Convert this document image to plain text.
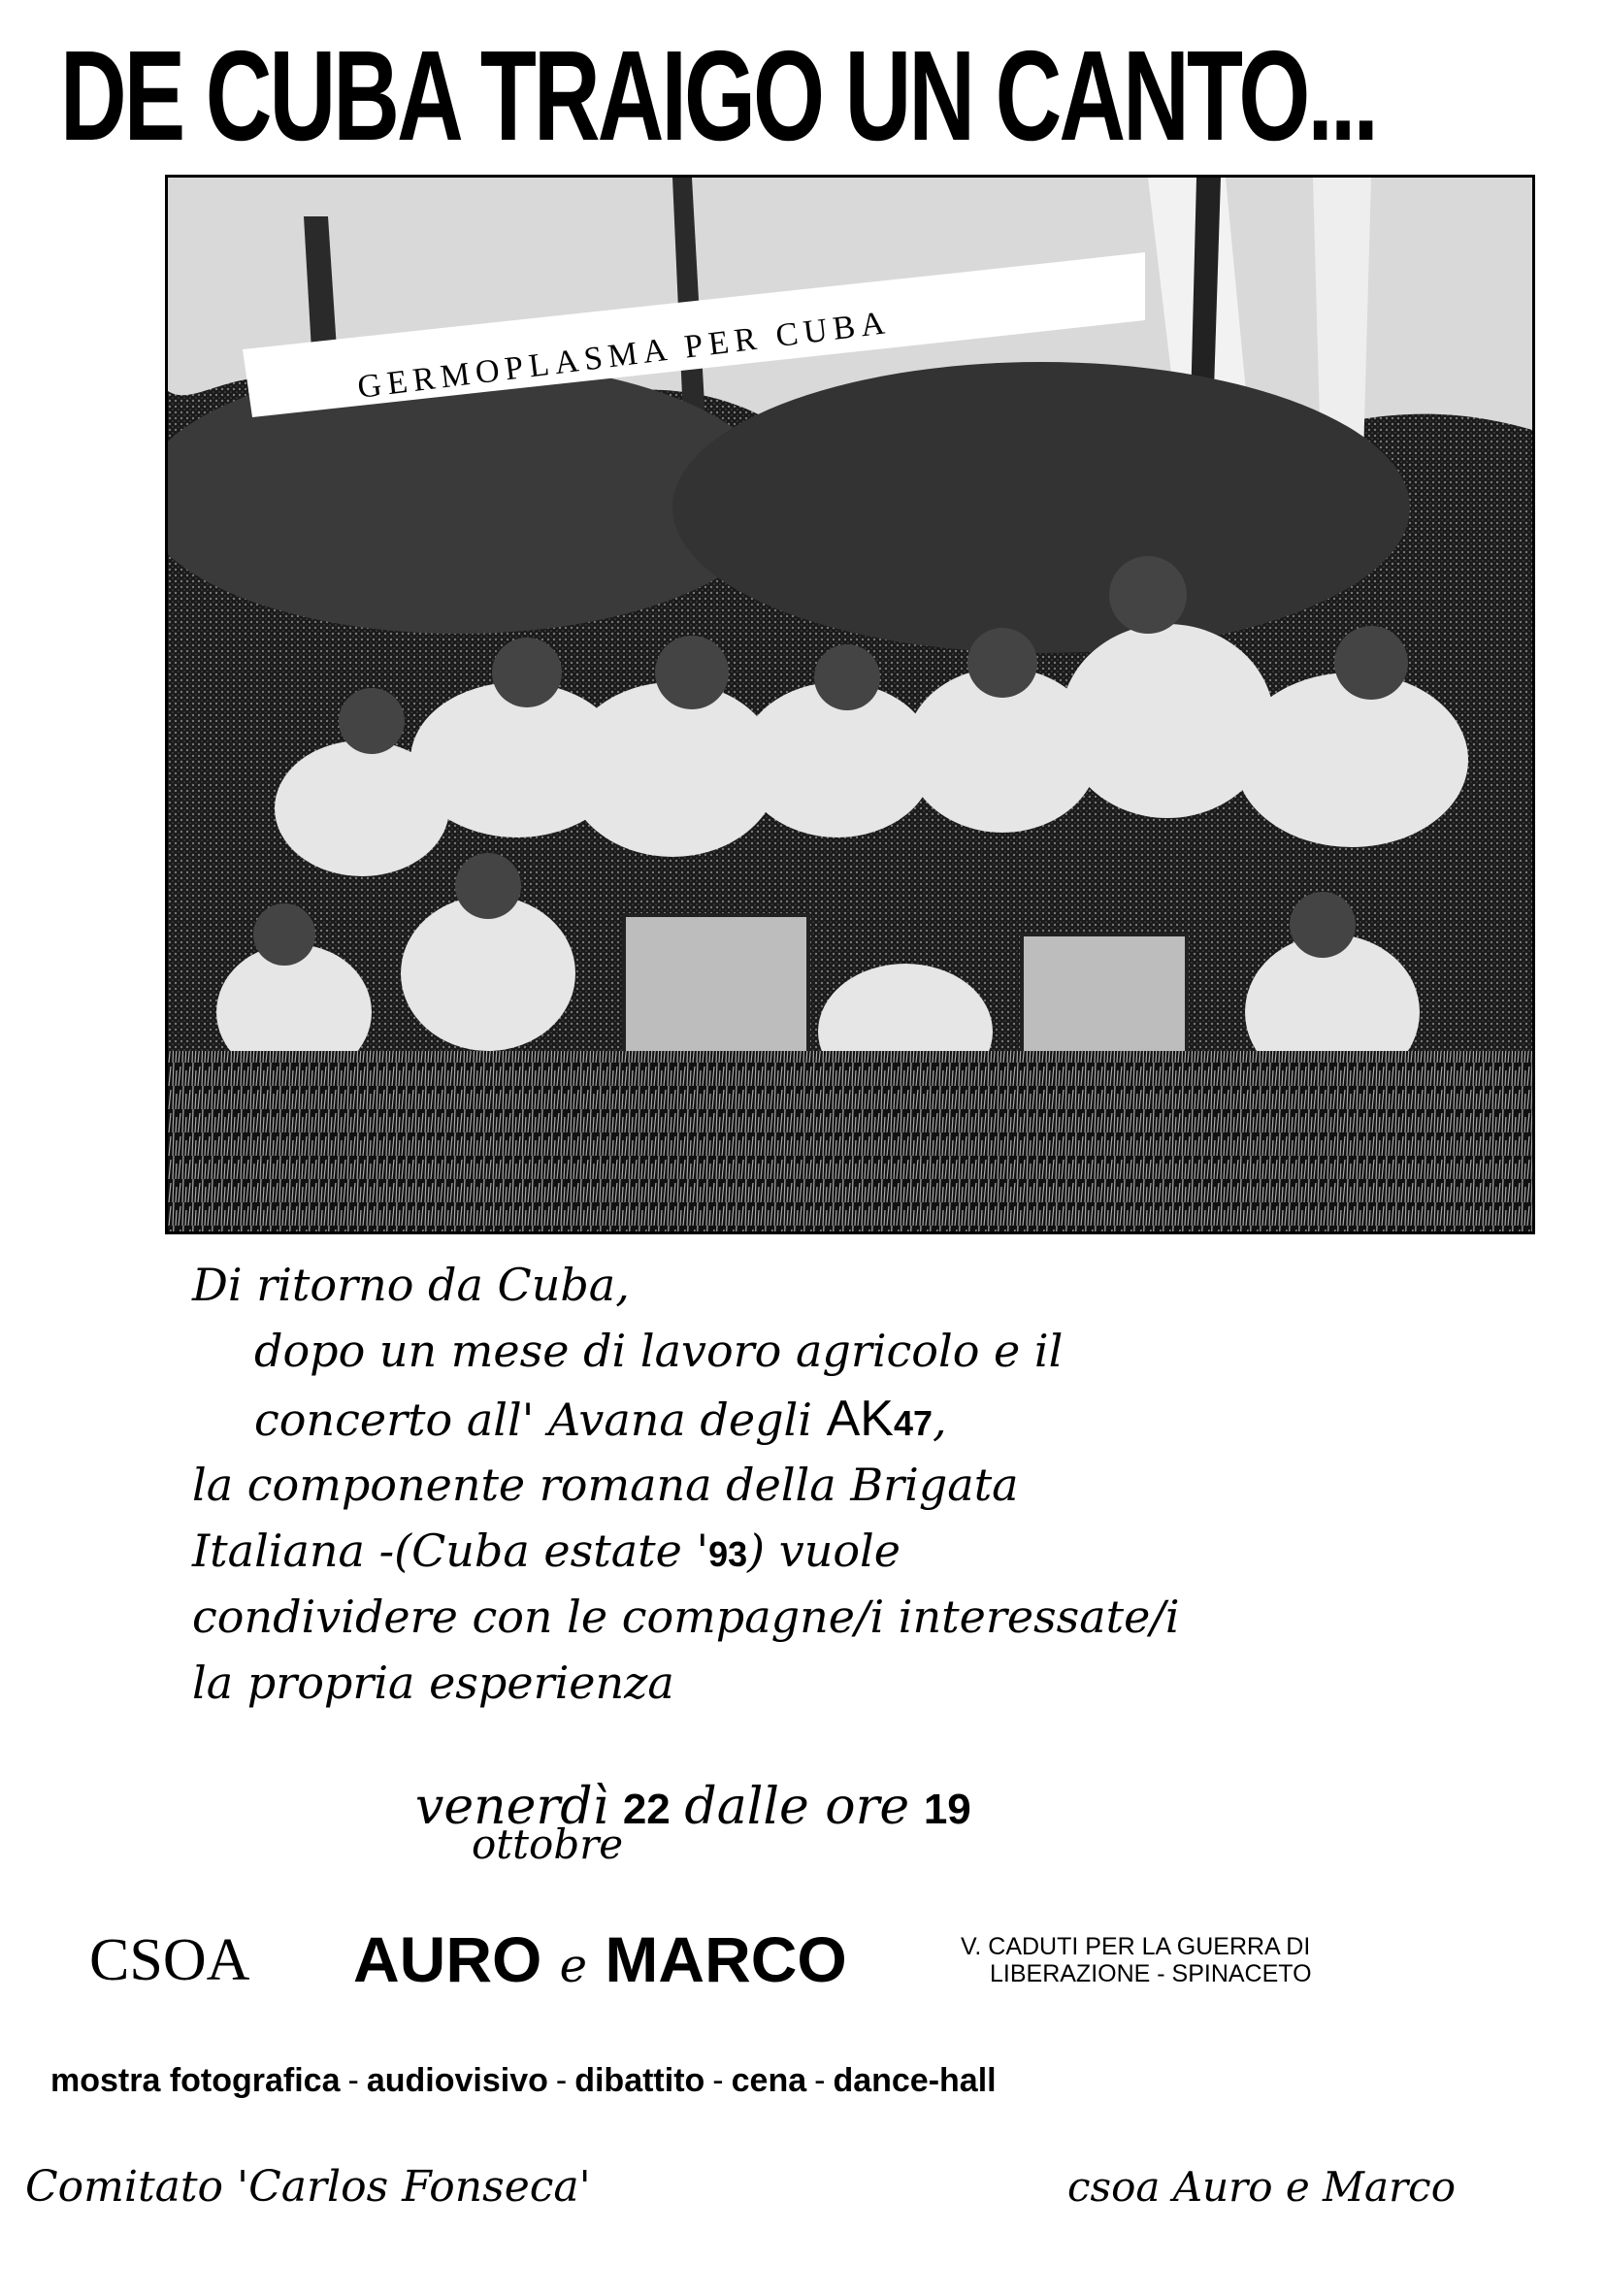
DE CUBA TRAIGO UN CANTO...
GERMOPLASMA PER CUBA
Di ritorno da Cuba,
dopo un mese di lavoro agricolo e il
concerto all' Avana degli AK47,
la componente romana della Brigata
Italiana -(Cuba estate '93) vuole
condividere con le compagne/i interessate/i
la propria esperienza
venerdì 22 dalle ore 19
ottobre
CSOA AURO e MARCO	V. CADUTI PER LA GUERRA DI
LIBERAZIONE - SPINACETO
mostra fotografica - audiovisivo - dibattito - cena - dance-hall
Comitato 'Carlos Fonseca'	csoa Auro e Marco
